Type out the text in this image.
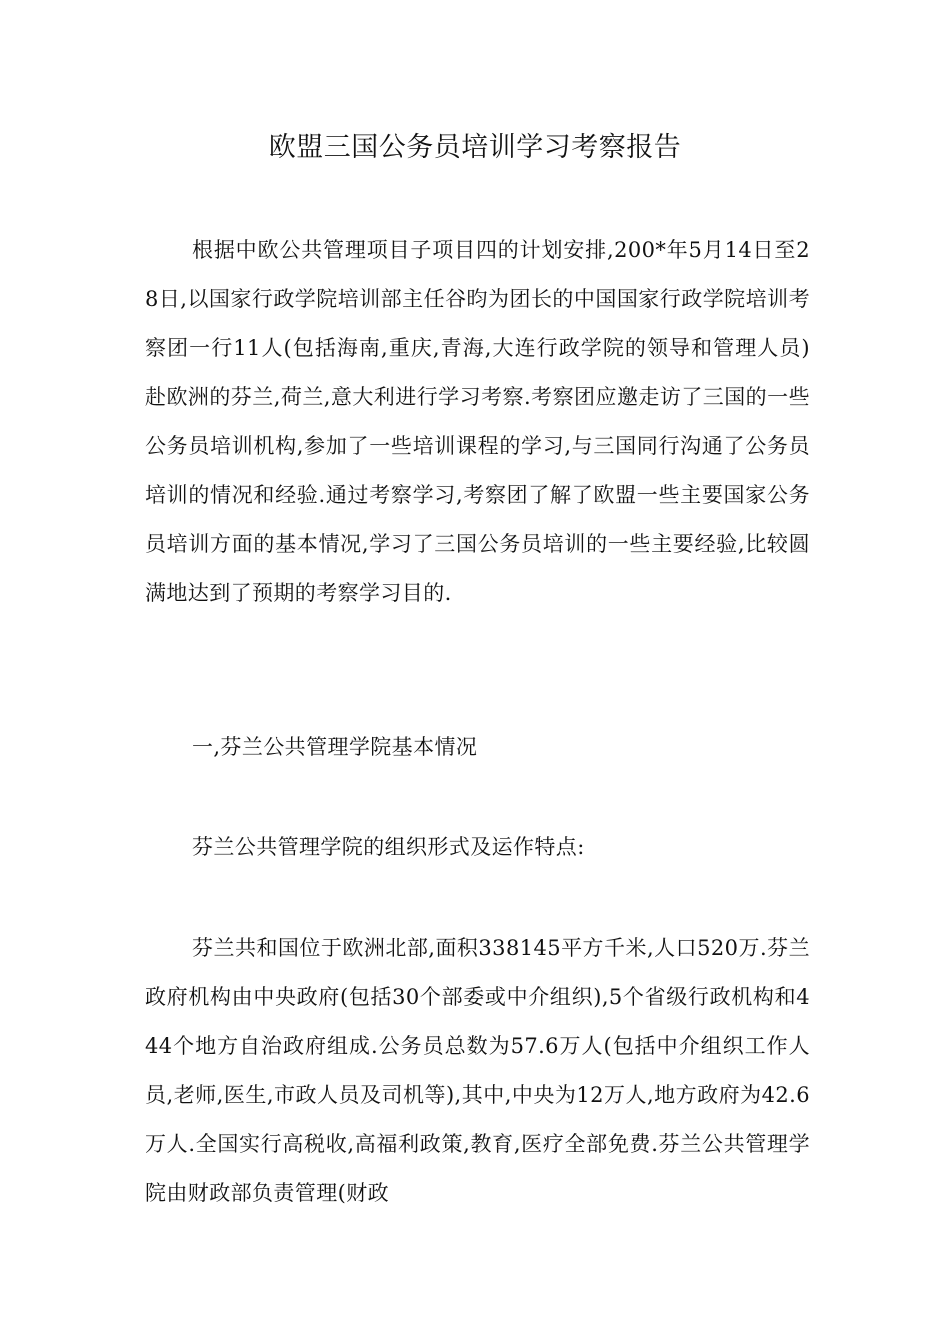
欧盟三国公务员培训学习考察报告

根据中欧公共管理项目子项目四的计划安排,200*年5月14日至28日,以国家行政学院培训部主任谷昀为团长的中国国家行政学院培训考察团一行11人(包括海南,重庆,青海,大连行政学院的领导和管理人员)赴欧洲的芬兰,荷兰,意大利进行学习考察.考察团应邀走访了三国的一些公务员培训机构,参加了一些培训课程的学习,与三国同行沟通了公务员培训的情况和经验.通过考察学习,考察团了解了欧盟一些主要国家公务员培训方面的基本情况,学习了三国公务员培训的一些主要经验,比较圆满地达到了预期的考察学习目的.

一,芬兰公共管理学院基本情况

芬兰公共管理学院的组织形式及运作特点:

芬兰共和国位于欧洲北部,面积338145平方千米,人口520万.芬兰政府机构由中央政府(包括30个部委或中介组织),5个省级行政机构和444个地方自治政府组成.公务员总数为57.6万人(包括中介组织工作人员,老师,医生,市政人员及司机等),其中,中央为12万人,地方政府为42.6万人.全国实行高税收,高福利政策,教育,医疗全部免费.芬兰公共管理学院由财政部负责管理(财政
